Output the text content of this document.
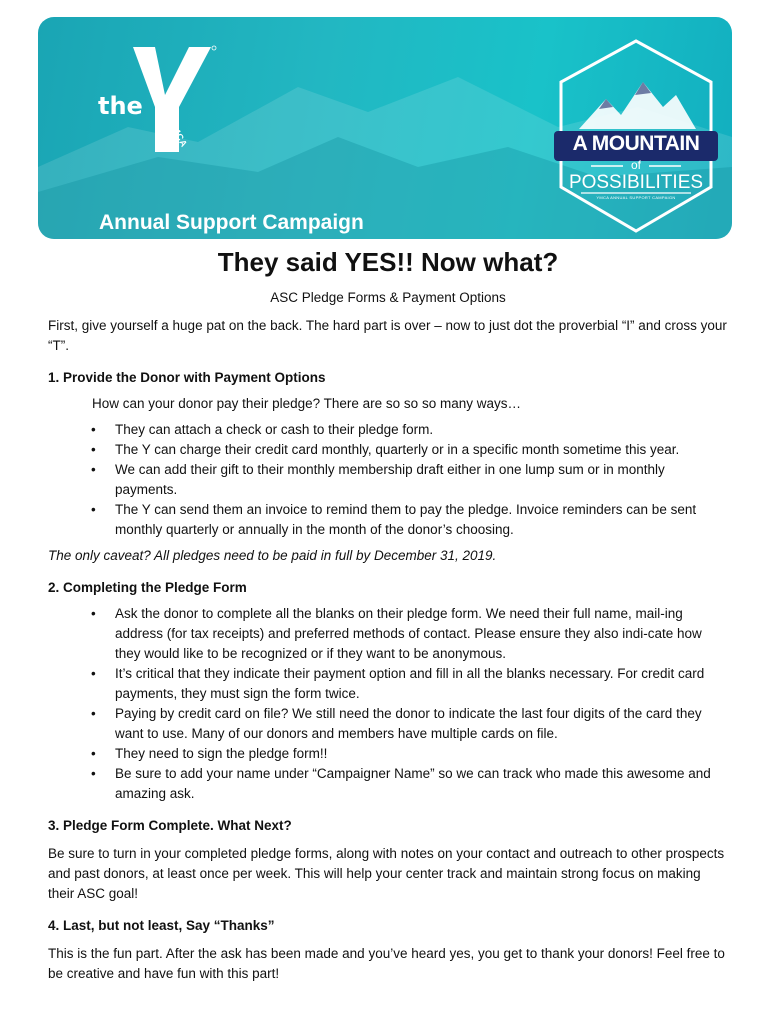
the
YMCA	A MOUNTAIN
of
POSSIBILITIES
YMCA ANNUAL SUPPORT CAMPAIGN
Annual Support Campaign
They said YES!! Now what?
ASC Pledge Forms & Payment Options

First, give yourself a huge pat on the back. The hard part is over – now to just dot the proverbial “I” and cross your “T”.

1. Provide the Donor with Payment Options

How can your donor pay their pledge? There are so so so many ways…

• They can attach a check or cash to their pledge form.
• The Y can charge their credit card monthly, quarterly or in a specific month sometime this year.
• We can add their gift to their monthly membership draft either in one lump sum or in monthly payments.
• The Y can send them an invoice to remind them to pay the pledge. Invoice reminders can be sent monthly quarterly or annually in the month of the donor’s choosing.

The only caveat? All pledges need to be paid in full by December 31, 2019.

2. Completing the Pledge Form
• Ask the donor to complete all the blanks on their pledge form. We need their full name, mail-ing address (for tax receipts) and preferred methods of contact. Please ensure they also indi-cate how they would like to be recognized or if they want to be anonymous.
• It’s critical that they indicate their payment option and fill in all the blanks necessary. For credit card payments, they must sign the form twice.
• Paying by credit card on file? We still need the donor to indicate the last four digits of the card they want to use. Many of our donors and members have multiple cards on file.
• They need to sign the pledge form!!
• Be sure to add your name under “Campaigner Name” so we can track who made this awesome and amazing ask.
3. Pledge Form Complete. What Next?

Be sure to turn in your completed pledge forms, along with notes on your contact and outreach to other prospects and past donors, at least once per week. This will help your center track and maintain strong focus on making their ASC goal!

4. Last, but not least, Say “Thanks”

This is the fun part. After the ask has been made and you’ve heard yes, you get to thank your donors! Feel free to be creative and have fun with this part!
